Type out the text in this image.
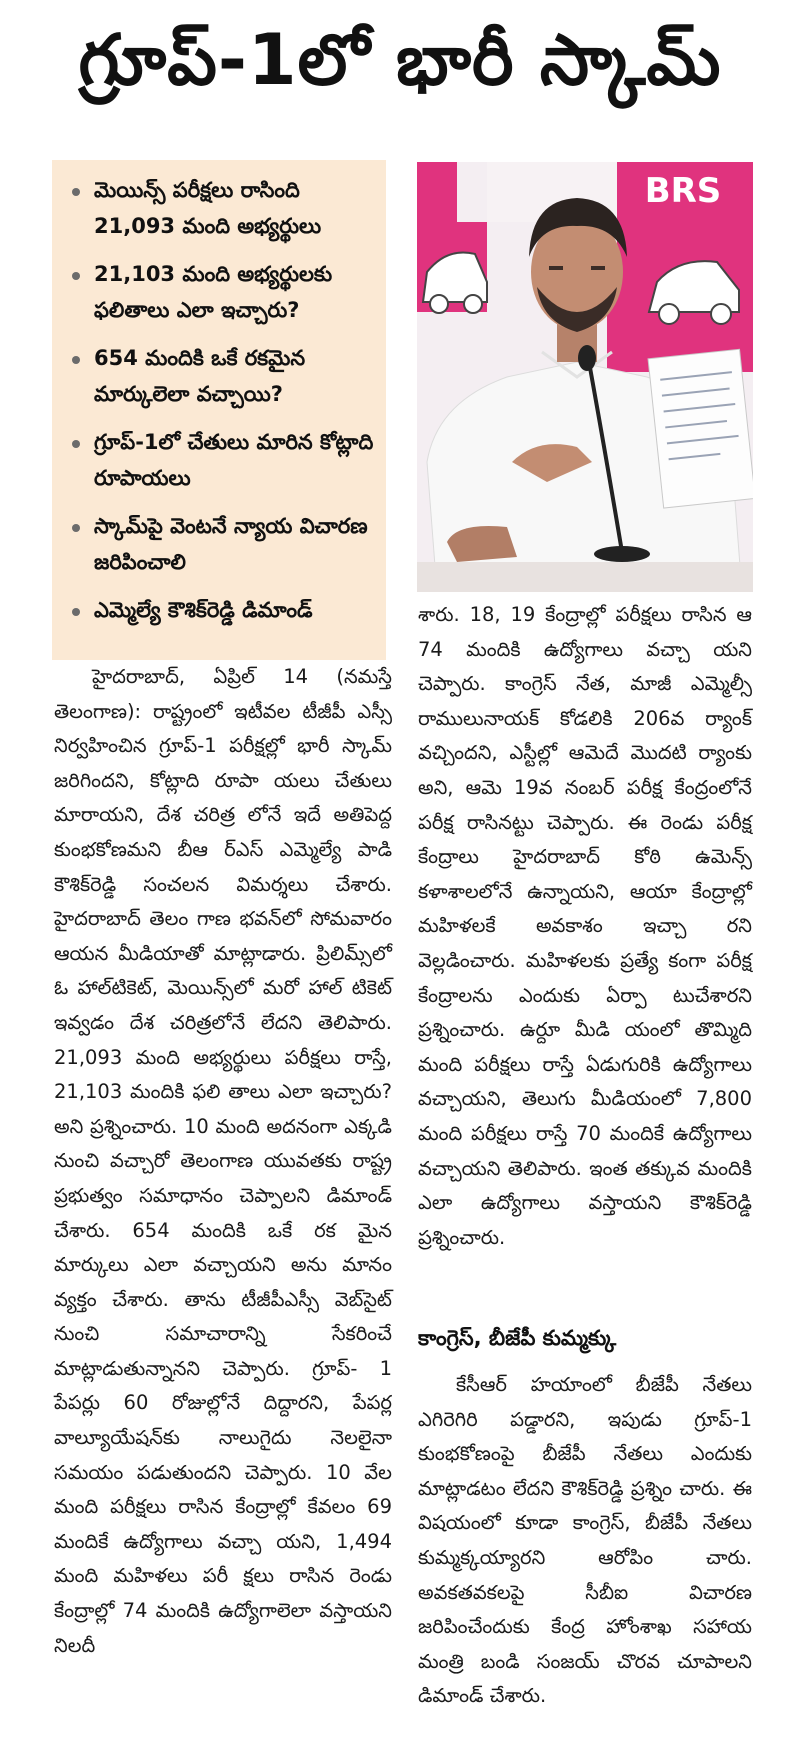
గ్రూప్‌-1లో భారీ స్కామ్‌
మెయిన్స్‌ పరీక్షలు రాసింది 21,093 మంది అభ్యర్థులు
21,103 మంది అభ్యర్థులకు ఫలితాలు ఎలా ఇచ్చారు?
654 మందికి ఒకే రకమైన మార్కులెలా వచ్చాయి?
గ్రూప్‌-1లో చేతులు మారిన కోట్లాది రూపాయలు
స్కామ్‌పై వెంటనే న్యాయ విచారణ జరిపించాలి
ఎమ్మెల్యే కౌశిక్‌రెడ్డి డిమాండ్‌
BRS
హైదరాబాద్‌, ఏప్రిల్‌ 14 (నమస్తే తెలంగాణ): రాష్ట్రంలో ఇటీవల టీజీపీ ఎస్సీ నిర్వహించిన గ్రూప్‌-1 పరీక్షల్లో భారీ స్కామ్‌ జరిగిందని, కోట్లాది రూపా యలు చేతులు మారాయని, దేశ చరిత్ర లోనే ఇదే అతిపెద్ద కుంభకోణమని బీఆ ర్‌ఎస్‌ ఎమ్మెల్యే పాడి కౌశిక్‌రెడ్డి సంచలన విమర్శలు చేశారు. హైదరాబాద్‌ తెలం గాణ భవన్‌లో సోమవారం ఆయన మీడియాతో మాట్లాడారు. ప్రిలిమ్స్‌లో ఓ హాల్‌టికెట్‌, మెయిన్స్‌లో మరో హాల్‌ టికెట్‌ ఇవ్వడం దేశ చరిత్రలోనే లేదని తెలిపారు. 21,093 మంది అభ్యర్థులు పరీక్షలు రాస్తే, 21,103 మందికి ఫలి తాలు ఎలా ఇచ్చారు? అని ప్రశ్నించారు. 10 మంది అదనంగా ఎక్కడి నుంచి వచ్చారో తెలంగాణ యువతకు రాష్ట్ర ప్రభుత్వం సమాధానం చెప్పాలని డిమాండ్‌ చేశారు. 654 మందికి ఒకే రక మైన మార్కులు ఎలా వచ్చాయని అను మానం వ్యక్తం చేశారు. తాను టీజీపీఎస్సీ వెబ్‌సైట్‌ నుంచి సమాచారాన్ని సేకరించే మాట్లాడుతున్నానని చెప్పారు. గ్రూప్‌- 1 పేపర్లు 60 రోజుల్లోనే దిద్దారని, పేపర్ల వాల్యూయేషన్‌కు నాలుగైదు నెలలైనా సమయం పడుతుందని చెప్పారు. 10 వేల మంది పరీక్షలు రాసిన కేంద్రాల్లో కేవలం 69 మందికే ఉద్యోగాలు వచ్చా యని, 1,494 మంది మహిళలు పరీ క్షలు రాసిన రెండు కేంద్రాల్లో 74 మందికి ఉద్యోగాలెలా వస్తాయని నిలదీ
శారు. 18, 19 కేంద్రాల్లో పరీక్షలు రాసిన ఆ 74 మందికి ఉద్యోగాలు వచ్చా యని చెప్పారు. కాంగ్రెస్‌ నేత, మాజీ ఎమ్మెల్సీ రాములునాయక్‌ కోడలికి 206వ ర్యాంక్‌ వచ్చిందని, ఎస్టీల్లో ఆమెదే మొదటి ర్యాంకు అని, ఆమె 19వ నంబర్‌ పరీక్ష కేంద్రంలోనే పరీక్ష రాసినట్టు చెప్పారు. ఈ రెండు పరీక్ష కేంద్రాలు హైదరాబాద్‌ కోఠి ఉమెన్స్‌ కళాశాలలోనే ఉన్నాయని, ఆయా కేంద్రాల్లో మహిళలకే అవకాశం ఇచ్చా రని వెల్లడించారు. మహిళలకు ప్రత్యే కంగా పరీక్ష కేంద్రాలను ఎందుకు ఏర్పా టుచేశారని ప్రశ్నించారు. ఉర్దూ మీడి యంలో తొమ్మిది మంది పరీక్షలు రాస్తే ఏడుగురికి ఉద్యోగాలు వచ్చాయని, తెలుగు మీడియంలో 7,800 మంది పరీక్షలు రాస్తే 70 మందికే ఉద్యోగాలు వచ్చాయని తెలిపారు. ఇంత తక్కువ మందికి ఎలా ఉద్యోగాలు వస్తాయని కౌశిక్‌రెడ్డి ప్రశ్నించారు.
కాంగ్రెస్‌, బీజేపీ కుమ్మక్కు
కేసీఆర్‌ హయాంలో బీజేపీ నేతలు ఎగిరెగిరి పడ్డారని, ఇపుడు గ్రూప్‌-1 కుంభకోణంపై బీజేపీ నేతలు ఎందుకు మాట్లాడటం లేదని కౌశిక్‌రెడ్డి ప్రశ్నిం చారు. ఈ విషయంలో కూడా కాంగ్రెస్‌, బీజేపీ నేతలు కుమ్మక్కయ్యారని ఆరోపిం చారు. అవకతవకలపై సీబీఐ విచారణ జరిపించేందుకు కేంద్ర హోంశాఖ సహాయ మంత్రి బండి సంజయ్‌ చొరవ చూపాలని డిమాండ్‌ చేశారు.
